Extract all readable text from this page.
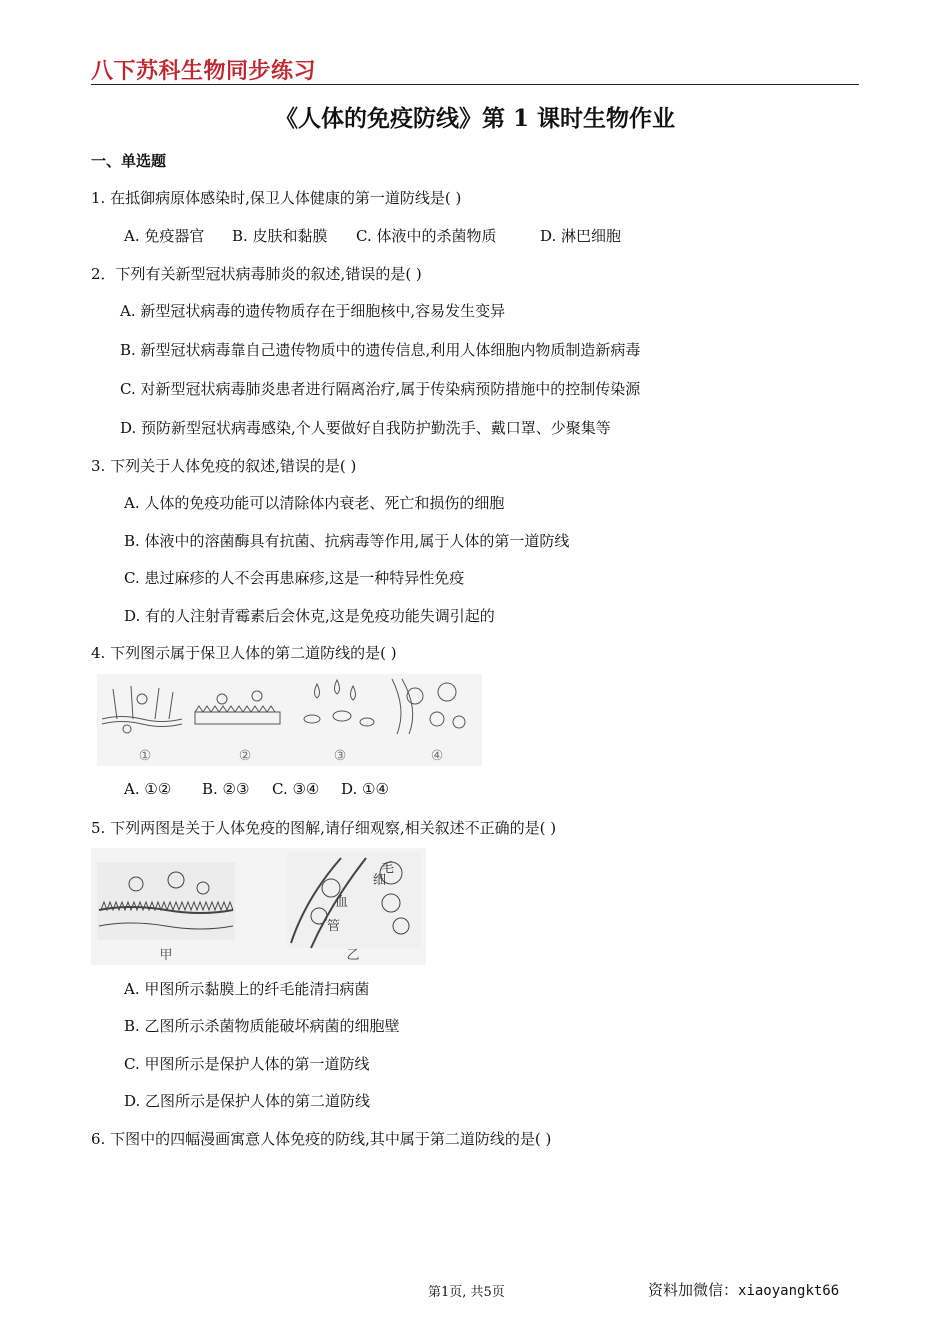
八下苏科生物同步练习
《人体的免疫防线》第 1 课时生物作业
一、单选题
1. 在抵御病原体感染时,保卫人体健康的第一道防线是( )
A. 免疫器官 B. 皮肤和黏膜 C. 体液中的杀菌物质	D. 淋巴细胞
2．下列有关新型冠状病毒肺炎的叙述,错误的是( )
A. 新型冠状病毒的遗传物质存在于细胞核中,容易发生变异
B. 新型冠状病毒靠自己遗传物质中的遗传信息,利用人体细胞内物质制造新病毒
C. 对新型冠状病毒肺炎患者进行隔离治疗,属于传染病预防措施中的控制传染源
D. 预防新型冠状病毒感染,个人要做好自我防护勤洗手、戴口罩、少聚集等
3. 下列关于人体免疫的叙述,错误的是( )
A. 人体的免疫功能可以清除体内衰老、死亡和损伤的细胞
B. 体液中的溶菌酶具有抗菌、抗病毒等作用,属于人体的第一道防线
C. 患过麻疹的人不会再患麻疹,这是一种特异性免疫
D. 有的人注射青霉素后会休克,这是免疫功能失调引起的
4. 下列图示属于保卫人体的第二道防线的是( )
①	②	③	④
A. ①② B. ②③ C. ③④ D. ①④
5. 下列两图是关于人体免疫的图解,请仔细观察,相关叙述不正确的是( )
细
毛
血
管
甲	乙
A. 甲图所示黏膜上的纤毛能清扫病菌
B. 乙图所示杀菌物质能破坏病菌的细胞壁
C. 甲图所示是保护人体的第一道防线
D. 乙图所示是保护人体的第二道防线
6. 下图中的四幅漫画寓意人体免疫的防线,其中属于第二道防线的是( )
第1页, 共5页	资料加微信：xiaoyangkt66
